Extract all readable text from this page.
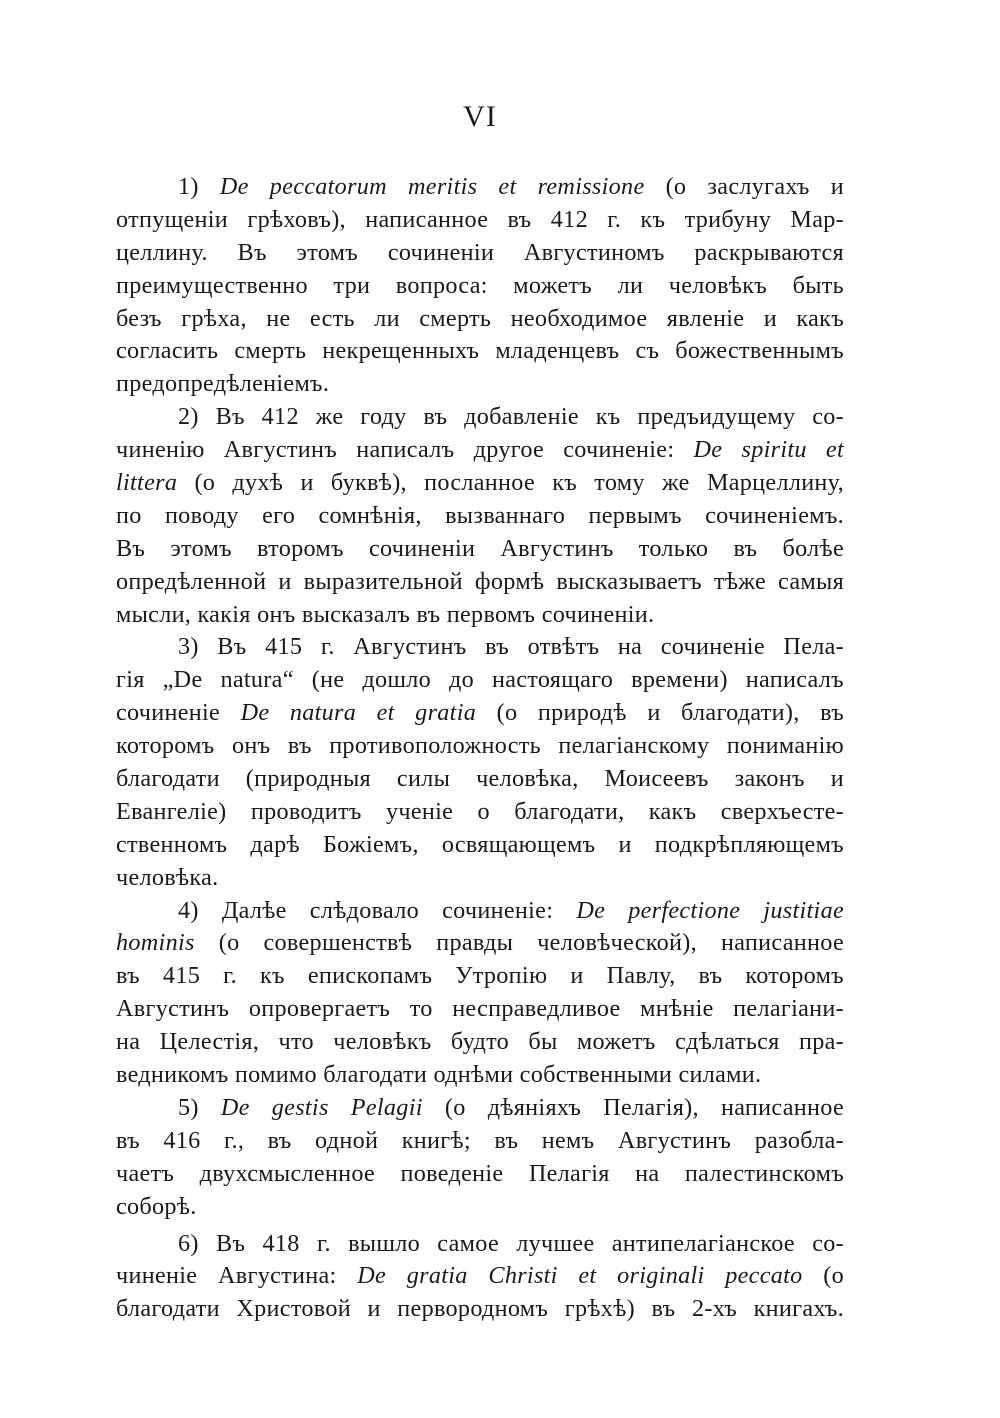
VI
1) De peccatorum meritis et remissione (о заслугахъ и
отпущеніи грѣховъ), написанное въ 412 г. къ трибуну Мар-
целлину. Въ этомъ сочиненіи Августиномъ раскрываются
преимущественно три вопроса: можетъ ли человѣкъ быть
безъ грѣха, не есть ли смерть необходимое явленіе и какъ
согласить смерть некрещенныхъ младенцевъ съ божественнымъ
предопредѣленіемъ.
2) Въ 412 же году въ добавленіе къ предъидущему со-
чиненію Августинъ написалъ другое сочиненіе: De spiritu et
littera (о духѣ и буквѣ), посланное къ тому же Марцеллину,
по поводу его сомнѣнія, вызваннаго первымъ сочиненіемъ.
Въ этомъ второмъ сочиненіи Августинъ только въ болѣе
опредѣленной и выразительной формѣ высказываетъ тѣже самыя
мысли, какія онъ высказалъ въ первомъ сочиненіи.
3) Въ 415 г. Августинъ въ отвѣтъ на сочиненіе Пела-
гія „De natura“ (не дошло до настоящаго времени) написалъ
сочиненіе De natura et gratia (о природѣ и благодати), въ
которомъ онъ въ противоположность пелагіанскому пониманію
благодати (природныя силы человѣка, Моисеевъ законъ и
Евангеліе) проводитъ ученіе о благодати, какъ сверхъесте-
ственномъ дарѣ Божіемъ, освящающемъ и подкрѣпляющемъ
человѣка.
4) Далѣе слѣдовало сочиненіе: De perfectione justitiae
hominis (о совершенствѣ правды человѣческой), написанное
въ 415 г. къ епископамъ Утропію и Павлу, въ которомъ
Августинъ опровергаетъ то несправедливое мнѣніе пелагіани-
на Целестія, что человѣкъ будто бы можетъ сдѣлаться пра-
ведникомъ помимо благодати однѣми собственными силами.
5) De gestis Pelagii (о дѣяніяхъ Пелагія), написанное
въ 416 г., въ одной книгѣ; въ немъ Августинъ разобла-
чаетъ двухсмысленное поведеніе Пелагія на палестинскомъ
соборѣ.
6) Въ 418 г. вышло самое лучшее антипелагіанское со-
чиненіе Августина: De gratia Christi et originali peccato (о
благодати Христовой и первородномъ грѣхѣ) въ 2-хъ книгахъ.
